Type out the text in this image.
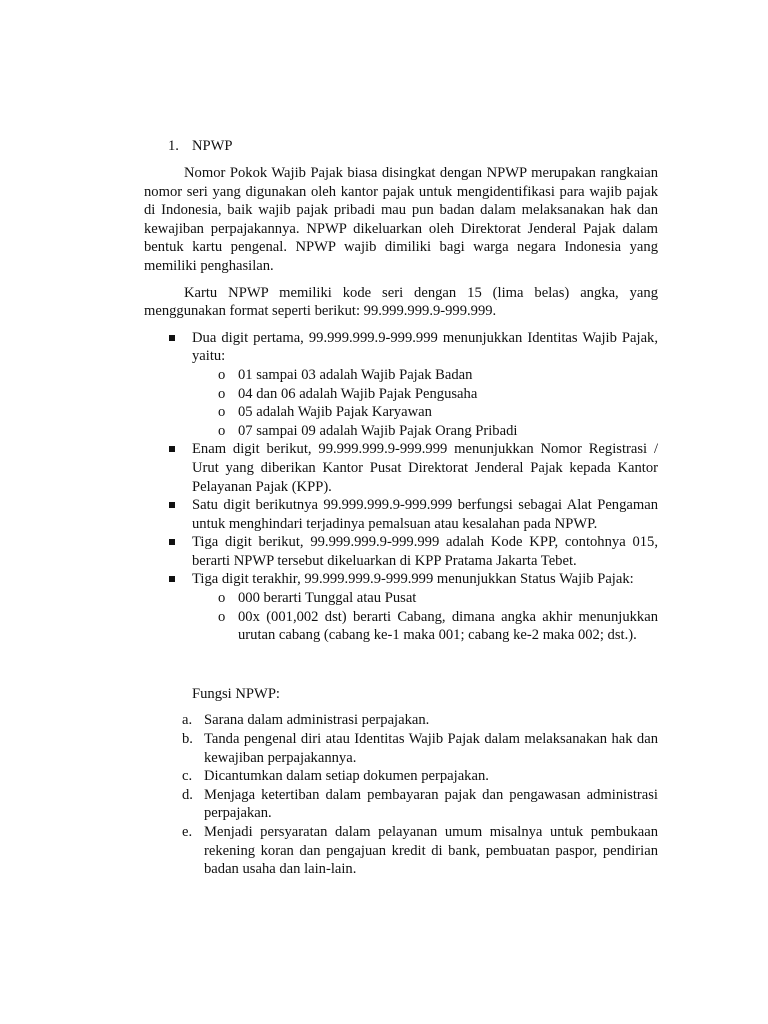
1. NPWP

Nomor Pokok Wajib Pajak biasa disingkat dengan NPWP merupakan rangkaian nomor seri yang digunakan oleh kantor pajak untuk mengidentifikasi para wajib pajak di Indonesia, baik wajib pajak pribadi mau pun badan dalam melaksanakan hak dan kewajiban perpajakannya. NPWP dikeluarkan oleh Direktorat Jenderal Pajak dalam bentuk kartu pengenal. NPWP wajib dimiliki bagi warga negara Indonesia yang memiliki penghasilan.

Kartu NPWP memiliki kode seri dengan 15 (lima belas) angka, yang menggunakan format seperti berikut: 99.999.999.9-999.999.

Dua digit pertama, 99.999.999.9-999.999 menunjukkan Identitas Wajib Pajak, yaitu:
o 01 sampai 03 adalah Wajib Pajak Badan
o 04 dan 06 adalah Wajib Pajak Pengusaha
o 05 adalah Wajib Pajak Karyawan
o 07 sampai 09 adalah Wajib Pajak Orang Pribadi
Enam digit berikut, 99.999.999.9-999.999 menunjukkan Nomor Registrasi / Urut yang diberikan Kantor Pusat Direktorat Jenderal Pajak kepada Kantor Pelayanan Pajak (KPP).
Satu digit berikutnya 99.999.999.9-999.999 berfungsi sebagai Alat Pengaman untuk menghindari terjadinya pemalsuan atau kesalahan pada NPWP.
Tiga digit berikut, 99.999.999.9-999.999 adalah Kode KPP, contohnya 015, berarti NPWP tersebut dikeluarkan di KPP Pratama Jakarta Tebet.
Tiga digit terakhir, 99.999.999.9-999.999 menunjukkan Status Wajib Pajak:
o 000 berarti Tunggal atau Pusat
o 00x (001,002 dst) berarti Cabang, dimana angka akhir menunjukkan urutan cabang (cabang ke-1 maka 001; cabang ke-2 maka 002; dst.).
Fungsi NPWP:
a. Sarana dalam administrasi perpajakan.
b. Tanda pengenal diri atau Identitas Wajib Pajak dalam melaksanakan hak dan kewajiban perpajakannya.
c. Dicantumkan dalam setiap dokumen perpajakan.
d. Menjaga ketertiban dalam pembayaran pajak dan pengawasan administrasi perpajakan.
e. Menjadi persyaratan dalam pelayanan umum misalnya untuk pembukaan rekening koran dan pengajuan kredit di bank, pembuatan paspor, pendirian badan usaha dan lain-lain.
